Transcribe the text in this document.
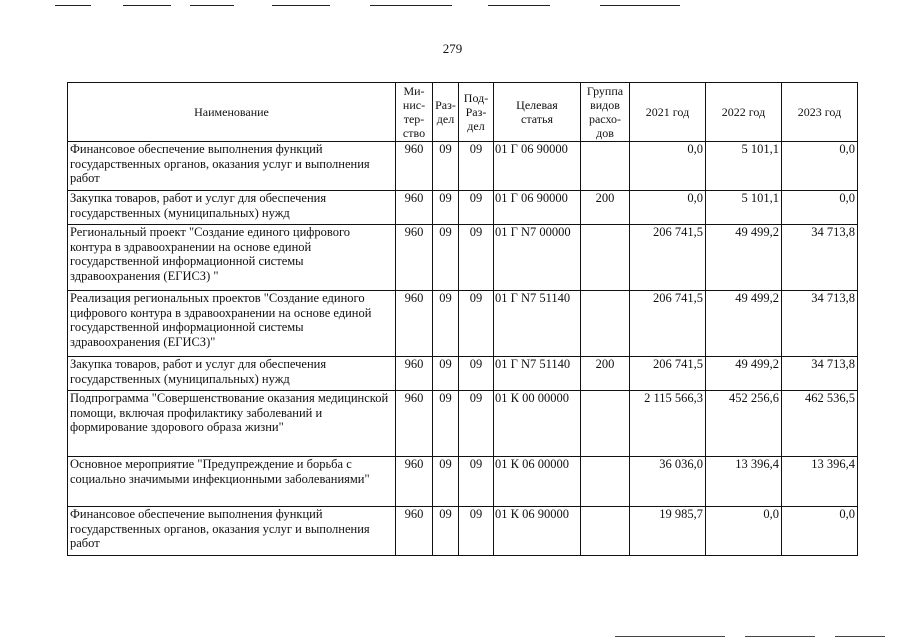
279
Наименование	Ми-
нис-
тер-
ство	Раз-
дел	Под-
Раз-
дел	Целевая
статья	Группа
видов
расхо-
дов	2021 год	2022 год	2023 год
Финансовое обеспечение выполнения функций государственных органов, оказания услуг и выполнения работ	960	09	09	01 Г 06 90000		0,0	5 101,1	0,0
Закупка товаров, работ и услуг для обеспечения государственных (муниципальных) нужд	960	09	09	01 Г 06 90000	200	0,0	5 101,1	0,0
Региональный проект "Создание единого цифрового контура в здравоохранении на основе единой государственной информационной системы здравоохранения (ЕГИСЗ) "	960	09	09	01 Г N7 00000		206 741,5	49 499,2	34 713,8
Реализация региональных проектов "Создание единого цифрового контура в здравоохранении на основе единой государственной информационной системы здравоохранения (ЕГИСЗ)"	960	09	09	01 Г N7 51140		206 741,5	49 499,2	34 713,8
Закупка товаров, работ и услуг для обеспечения государственных (муниципальных) нужд	960	09	09	01 Г N7 51140	200	206 741,5	49 499,2	34 713,8
Подпрограмма "Совершенствование оказания медицинской помощи, включая профилактику заболеваний и формирование здорового образа жизни"	960	09	09	01 К 00 00000		2 115 566,3	452 256,6	462 536,5
Основное мероприятие "Предупреждение и борьба с социально значимыми инфекционными заболеваниями"	960	09	09	01 К 06 00000		36 036,0	13 396,4	13 396,4
Финансовое обеспечение выполнения функций государственных органов, оказания услуг и выполнения работ	960	09	09	01 К 06 90000		19 985,7	0,0	0,0
